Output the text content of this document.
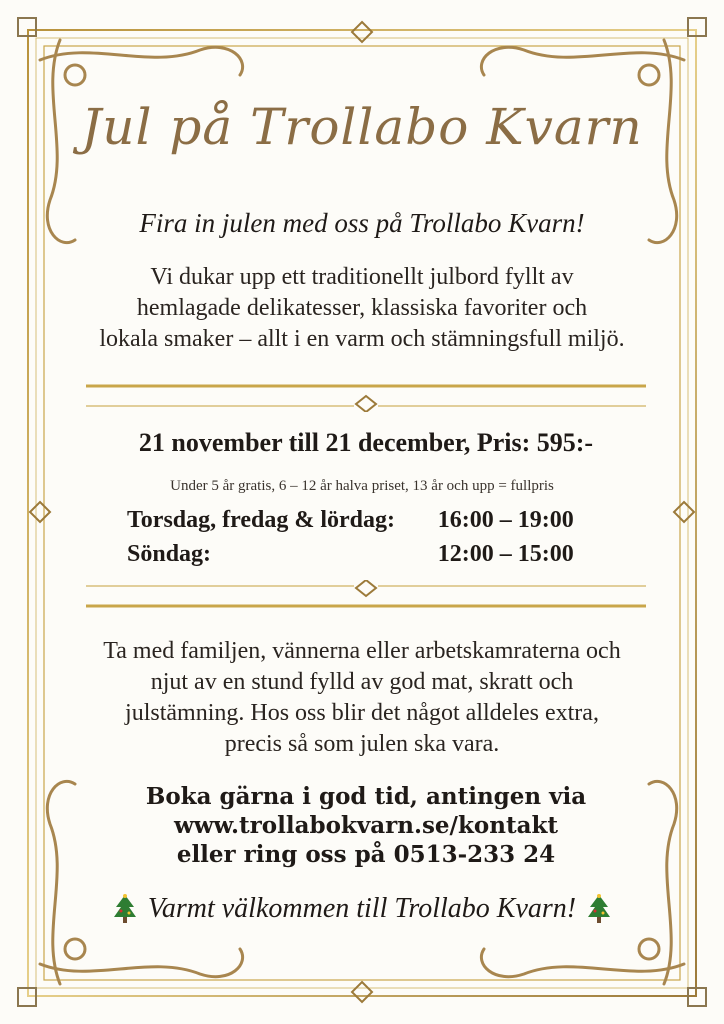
Jul på Trollabo Kvarn
Fira in julen med oss på Trollabo Kvarn!
Vi dukar upp ett traditionellt julbord fyllt av
hemlagade delikatesser, klassiska favoriter och
lokala smaker – allt i en varm och stämningsfull miljö.
21 november till 21 december, Pris: 595:-
Under 5 år gratis, 6 – 12 år halva priset, 13 år och upp = fullpris
Torsdag, fredag & lördag:	16:00 – 19:00
Söndag:	12:00 – 15:00
Ta med familjen, vännerna eller arbetskamraterna och
njut av en stund fylld av god mat, skratt och
julstämning. Hos oss blir det något alldeles extra,
precis så som julen ska vara.
Boka gärna i god tid, antingen via
www.trollabokvarn.se/kontakt
eller ring oss på 0513-233 24
Varmt välkommen till Trollabo Kvarn!
